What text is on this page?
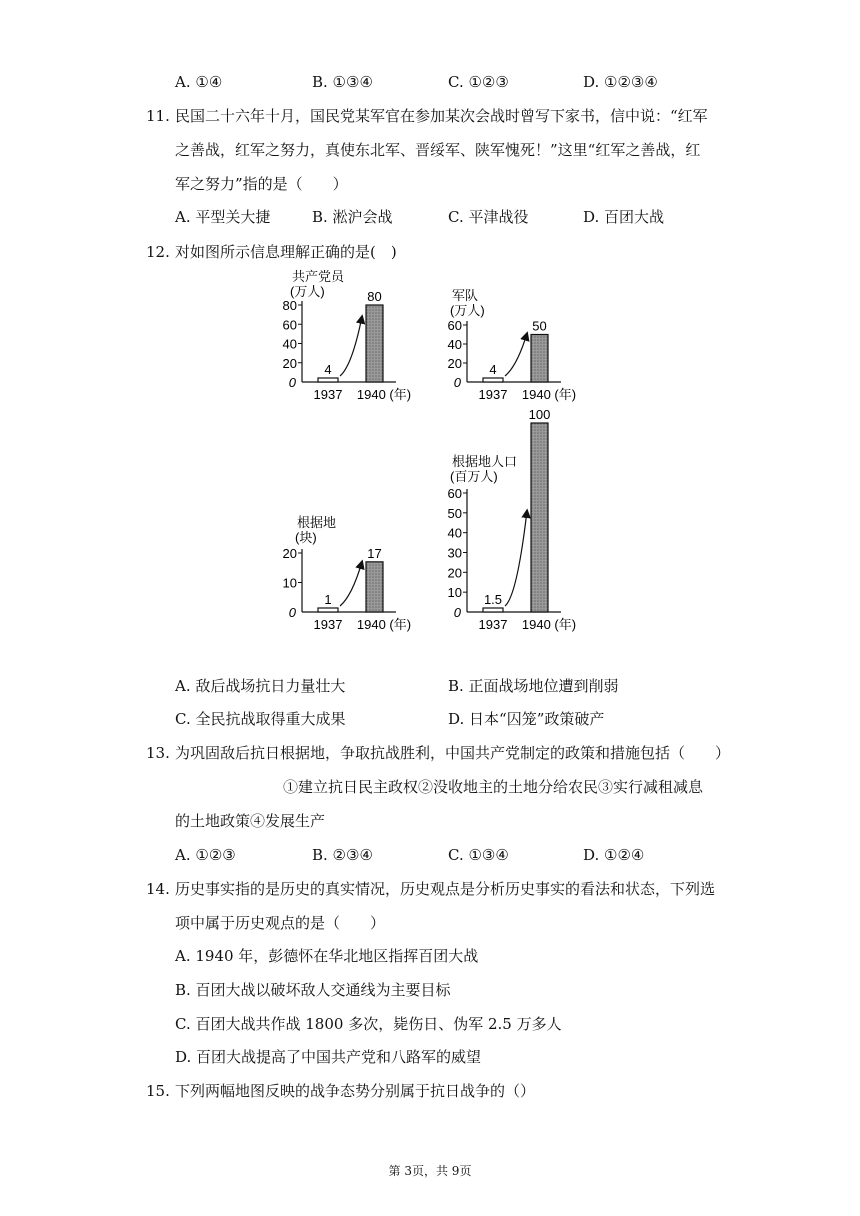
A. ①④	B. ①③④	C. ①②③	D. ①②③④
11. 民国二十六年十月，国民党某军官在参加某次会战时曾写下家书，信中说：“红军
之善战，红军之努力，真使东北军、晋绥军、陕军愧死！”这里“红军之善战，红
军之努力”指的是（　　）
A. 平型关大捷	B. 淞沪会战	C. 平津战役	D. 百团大战
12. 对如图所示信息理解正确的是(　)
共产党员
(万人)
80
60
40
20
0
4
80
1937 1940 (年)
军队
(万人)
60
40
20
0
4
50
1937 1940 (年)
根据地
(块)
20
10
0
1
17
1937 1940 (年)
根据地人口
(百万人)
60
50
40
30
20
10
0
1.5
100
1937 1940 (年)
A. 敌后战场抗日力量壮大	B. 正面战场地位遭到削弱
C. 全民抗战取得重大成果	D. 日本“囚笼”政策破产
13. 为巩固敌后抗日根据地，争取抗战胜利，中国共产党制定的政策和措施包括（　　）
①建立抗日民主政权②没收地主的土地分给农民③实行减租减息
的土地政策④发展生产
A. ①②③	B. ②③④	C. ①③④	D. ①②④
14. 历史事实指的是历史的真实情况，历史观点是分析历史事实的看法和状态，下列选
项中属于历史观点的是（　　）
A. 1940 年，彭德怀在华北地区指挥百团大战
B. 百团大战以破坏敌人交通线为主要目标
C. 百团大战共作战 1800 多次，毙伤日、伪军 2.5 万多人
D. 百团大战提高了中国共产党和八路军的威望
15. 下列两幅地图反映的战争态势分别属于抗日战争的（）
第 3页，共 9页
